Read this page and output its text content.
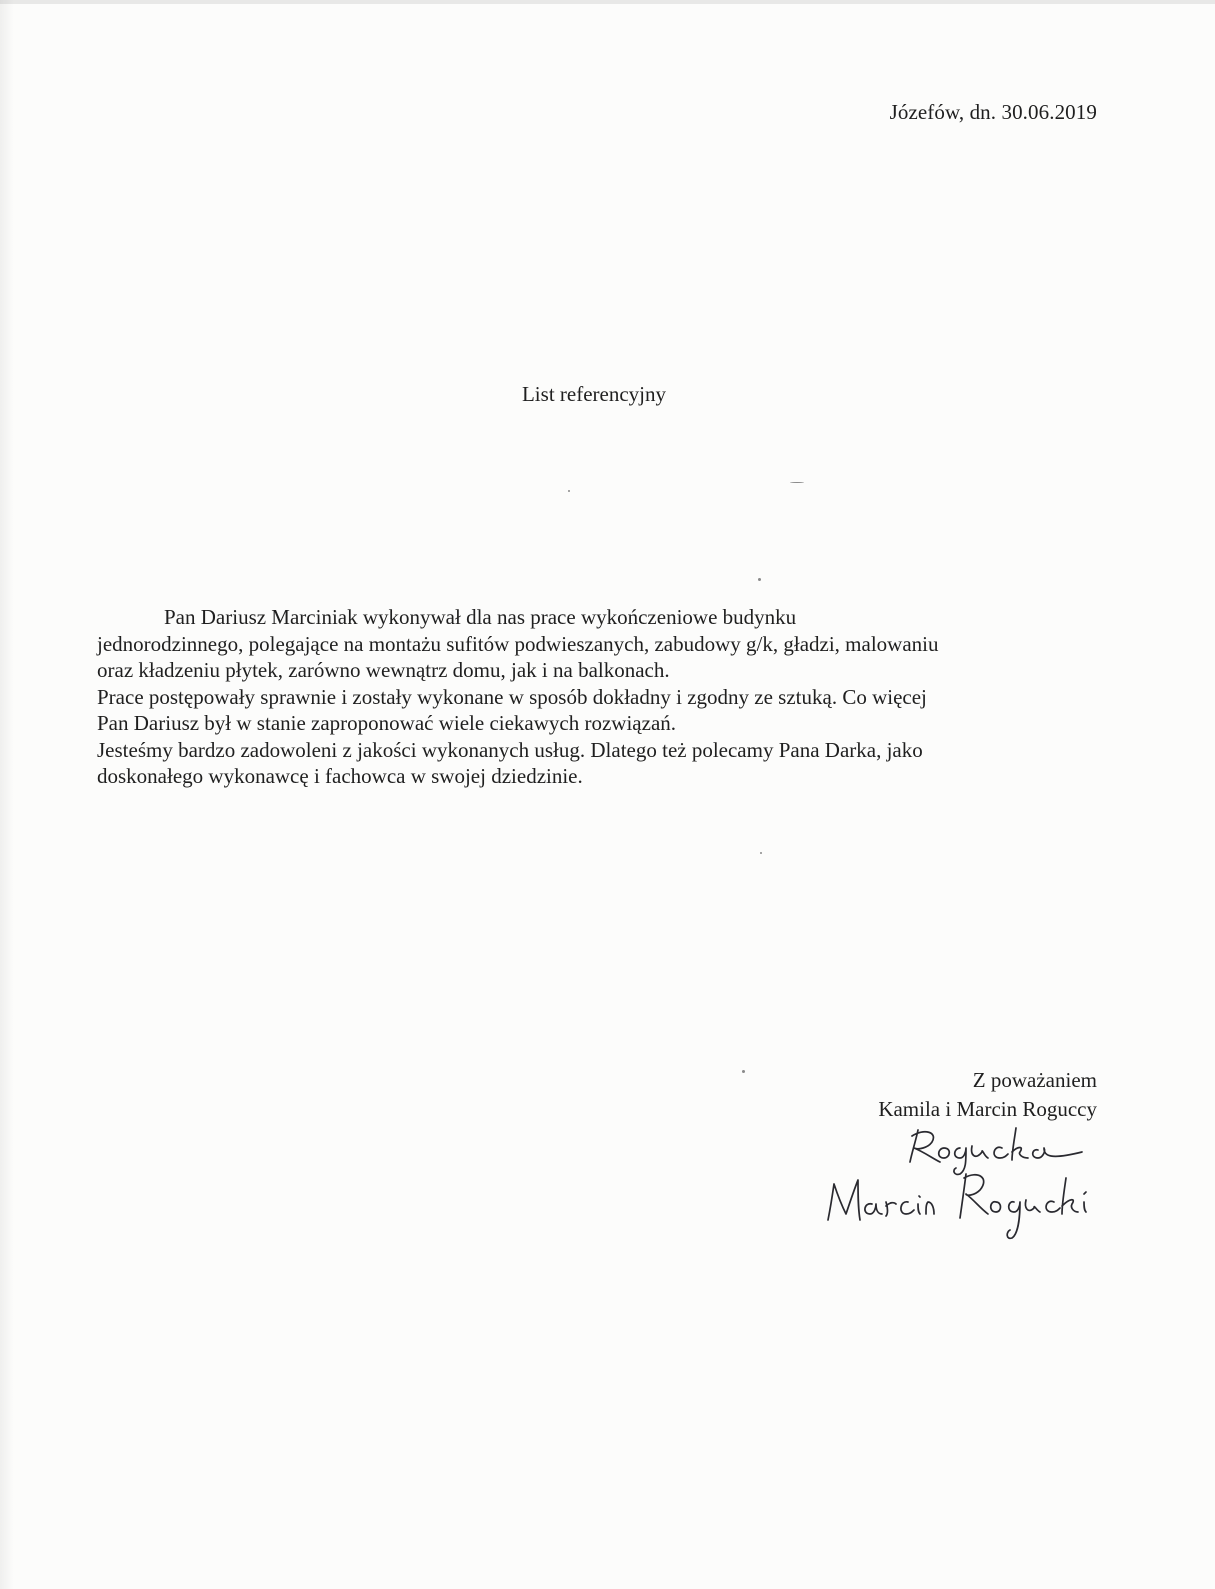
Józefów, dn. 30.06.2019
List referencyjny
Pan Dariusz Marciniak wykonywał dla nas prace wykończeniowe budynku
jednorodzinnego, polegające na montażu sufitów podwieszanych, zabudowy g/k, gładzi, malowaniu
oraz kładzeniu płytek, zarówno wewnątrz domu, jak i na balkonach.
Prace postępowały sprawnie i zostały wykonane w sposób dokładny i zgodny ze sztuką. Co więcej
Pan Dariusz był w stanie zaproponować wiele ciekawych rozwiązań.
Jesteśmy bardzo zadowoleni z jakości wykonanych usług. Dlatego też polecamy Pana Darka, jako
doskonałego wykonawcę i fachowca w swojej dziedzinie.
Z poważaniem
Kamila i Marcin Roguccy
